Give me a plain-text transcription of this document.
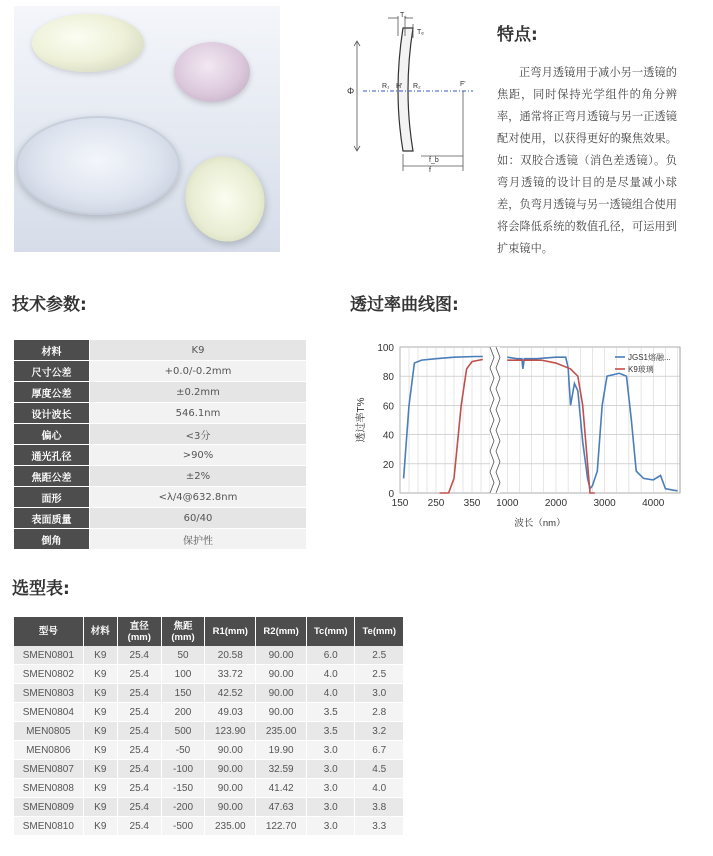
T꜀
Tₑ
R₁ H' R₂	F'
Φ
f_b
f
特点:
正弯月透镜用于减小另一透镜的焦距，同时保持光学组件的角分辨率，通常将正弯月透镜与另一正透镜配对使用，以获得更好的聚焦效果。如：双胶合透镜（消色差透镜）。负弯月透镜的设计目的是尽量减小球差，负弯月透镜与另一透镜组合使用将会降低系统的数值孔径，可运用到扩束镜中。
技术参数:
材料	K9
尺寸公差	+0.0/-0.2mm
厚度公差	±0.2mm
设计波长	546.1nm
偏心	<3分
通光孔径	>90%
焦距公差	±2%
面形	<λ/4@632.8nm
表面质量	60/40
倒角	保护性
透过率曲线图:
0
20
40
60
80
100
150 250 350 1000	2000	3000	4000
透过率T%
波长（nm）
JGS1熔融...
K9玻璃
选型表:
型号	材料	直径 (mm)	焦距 (mm)	R1(mm)	R2(mm)	Tc(mm)	Te(mm)
SMEN0801	K9	25.4	50	20.58	90.00	6.0	2.5
SMEN0802	K9	25.4	100	33.72	90.00	4.0	2.5
SMEN0803	K9	25.4	150	42.52	90.00	4.0	3.0
SMEN0804	K9	25.4	200	49.03	90.00	3.5	2.8
MEN0805	K9	25.4	500	123.90	235.00	3.5	3.2
MEN0806	K9	25.4	-50	90.00	19.90	3.0	6.7
SMEN0807	K9	25.4	-100	90.00	32.59	3.0	4.5
SMEN0808	K9	25.4	-150	90.00	41.42	3.0	4.0
SMEN0809	K9	25.4	-200	90.00	47.63	3.0	3.8
SMEN0810	K9	25.4	-500	235.00	122.70	3.0	3.3
